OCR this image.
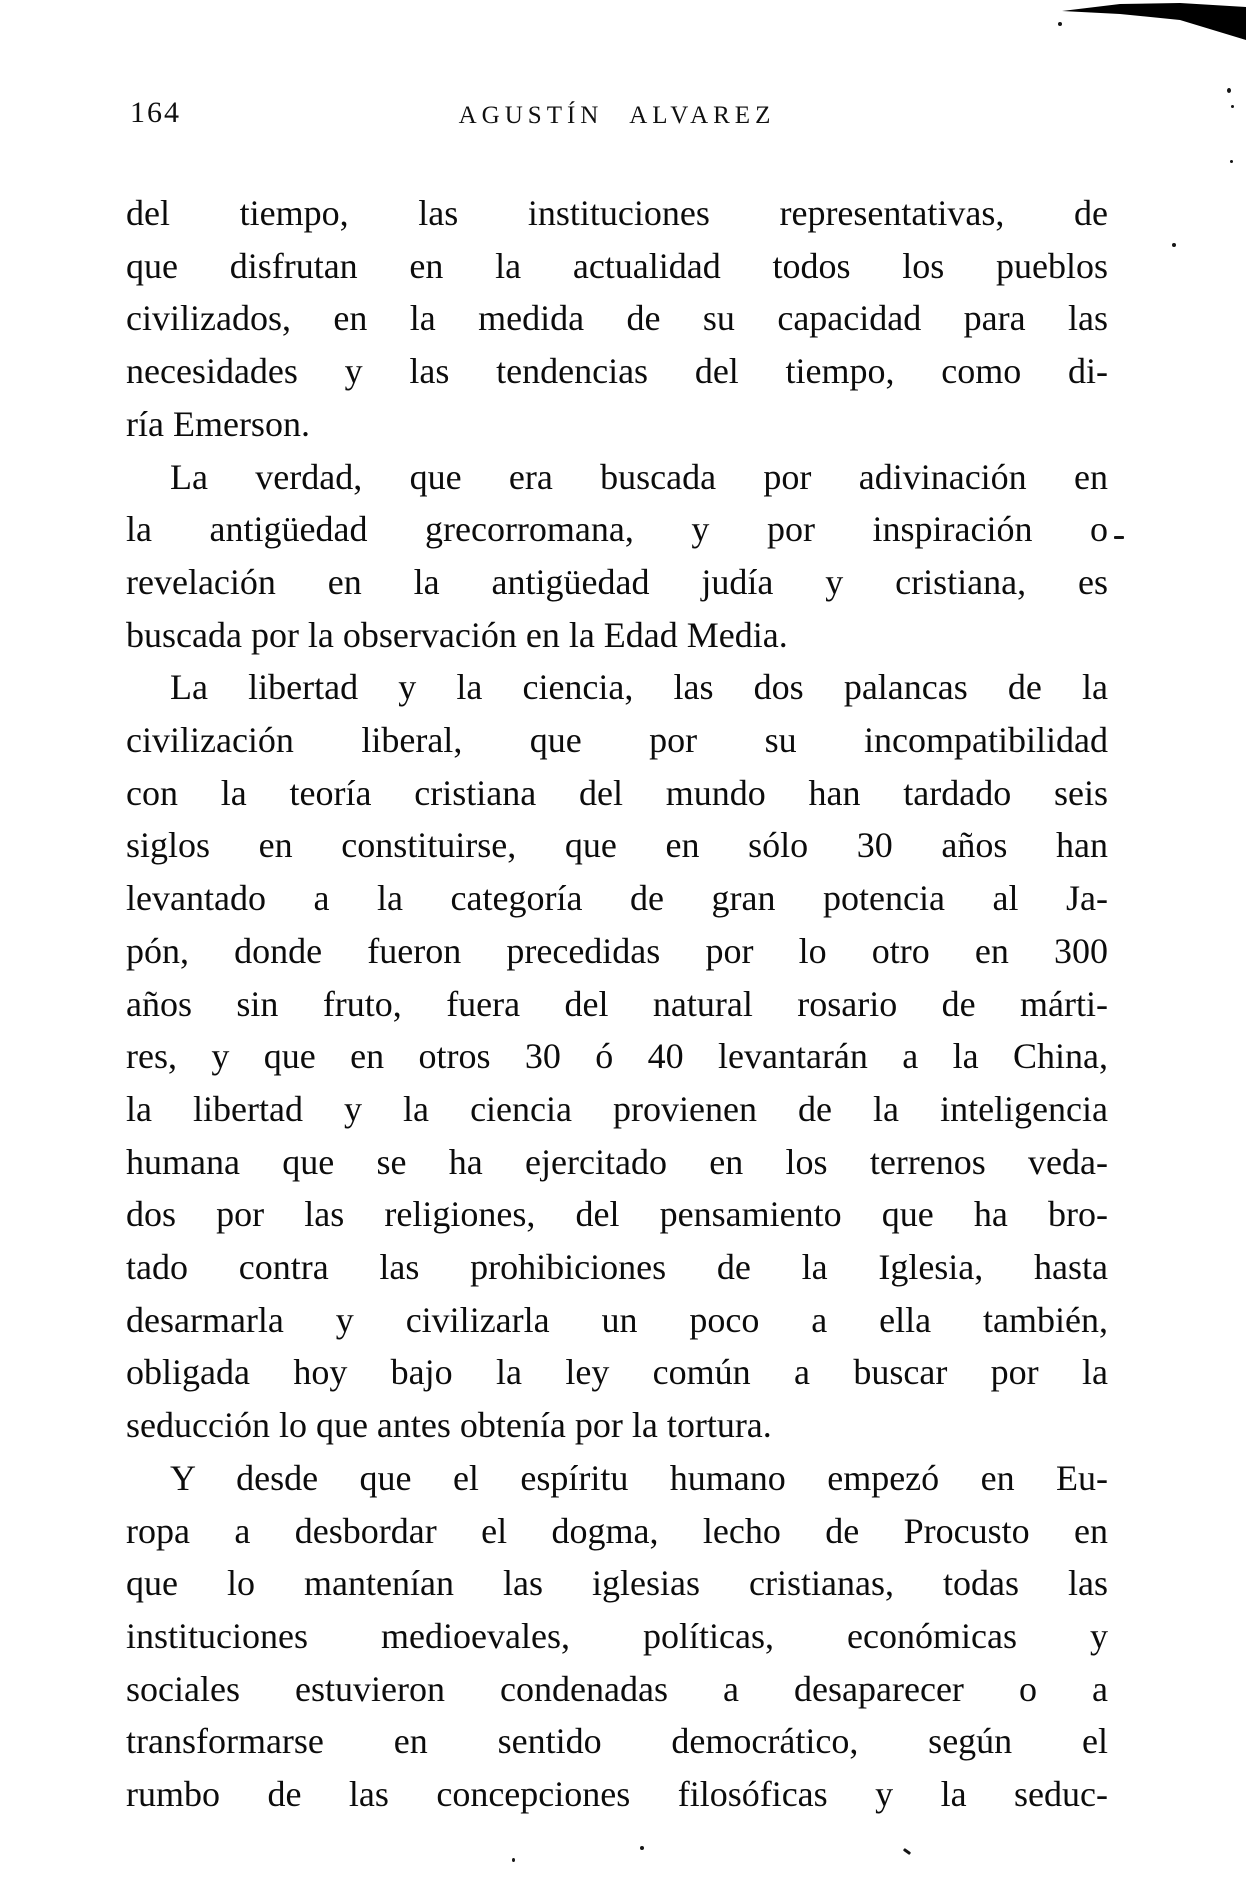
164	AGUSTÍN ALVAREZ
del tiempo, las instituciones representativas, de
que disfrutan en la actualidad todos los pueblos
civilizados, en la medida de su capacidad para las
necesidades y las tendencias del tiempo, como di-
ría Emerson.
La verdad, que era buscada por adivinación en
la antigüedad grecorromana, y por inspiración o
revelación en la antigüedad judía y cristiana, es
buscada por la observación en la Edad Media.
La libertad y la ciencia, las dos palancas de la
civilización liberal, que por su incompatibilidad
con la teoría cristiana del mundo han tardado seis
siglos en constituirse, que en sólo 30 años han
levantado a la categoría de gran potencia al Ja-
pón, donde fueron precedidas por lo otro en 300
años sin fruto, fuera del natural rosario de márti-
res, y que en otros 30 ó 40 levantarán a la China,
la libertad y la ciencia provienen de la inteligencia
humana que se ha ejercitado en los terrenos veda-
dos por las religiones, del pensamiento que ha bro-
tado contra las prohibiciones de la Iglesia, hasta
desarmarla y civilizarla un poco a ella también,
obligada hoy bajo la ley común a buscar por la
seducción lo que antes obtenía por la tortura.
Y desde que el espíritu humano empezó en Eu-
ropa a desbordar el dogma, lecho de Procusto en
que lo mantenían las iglesias cristianas, todas las
instituciones medioevales, políticas, económicas y
sociales estuvieron condenadas a desaparecer o a
transformarse en sentido democrático, según el
rumbo de las concepciones filosóficas y la seduc-
